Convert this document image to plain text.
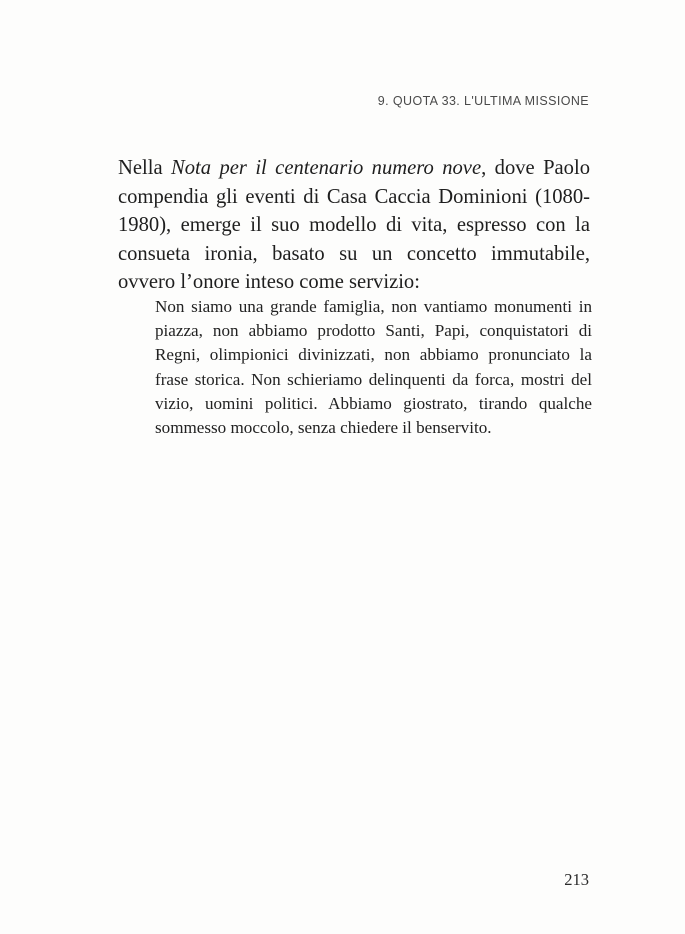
9. QUOTA 33. L'ULTIMA MISSIONE

Nella Nota per il centenario numero nove, dove Paolo compendia gli eventi di Casa Caccia Dominioni (1080-1980), emerge il suo modello di vita, espresso con la consueta ironia, basato su un concetto immutabile, ovvero l’onore inteso come servizio:

Non siamo una grande famiglia, non vantiamo monumenti in piazza, non abbiamo prodotto Santi, Papi, conquistatori di Regni, olimpionici divinizzati, non abbiamo pronunciato la frase storica. Non schieriamo delinquenti da forca, mostri del vizio, uomini politici. Abbiamo giostrato, tirando qualche sommesso moccolo, senza chiedere il benservito.

213
